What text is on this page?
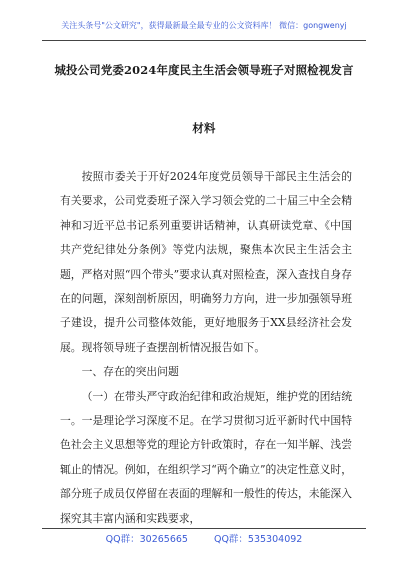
关注头条号"公文研究"，获得最新最全最专业的公文资料库！ 微信：gongwenyj
城投公司党委2024年度民主生活会领导班子对照检视发言
材料

按照市委关于开好2024年度党员领导干部民主生活会的有关要求，公司党委班子深入学习领会党的二十届三中全会精神和习近平总书记系列重要讲话精神，认真研读党章、《中国共产党纪律处分条例》等党内法规，聚焦本次民主生活会主题，严格对照“四个带头”要求认真对照检查，深入查找自身存在的问题，深刻剖析原因，明确努力方向，进一步加强领导班子建设，提升公司整体效能，更好地服务于XX县经济社会发展。现将领导班子查摆剖析情况报告如下。

一、存在的突出问题

（一）在带头严守政治纪律和政治规矩，维护党的团结统一。一是理论学习深度不足。在学习贯彻习近平新时代中国特色社会主义思想等党的理论方针政策时，存在一知半解、浅尝辄止的情况。例如，在组织学习“两个确立”的决定性意义时，部分班子成员仅停留在表面的理解和一般性的传达，未能深入探究其丰富内涵和实践要求，

QQ群：30265665	QQ群：535304092
